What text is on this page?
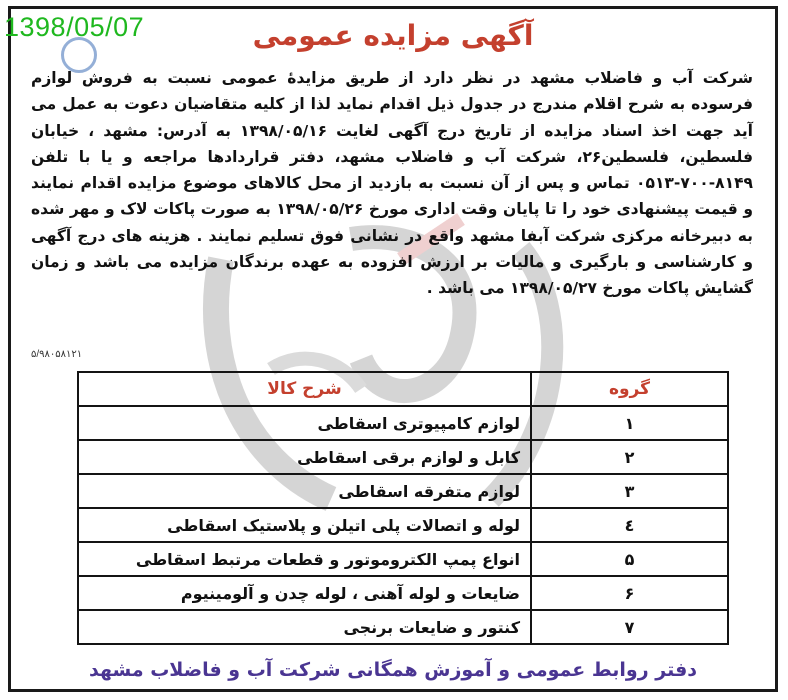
آگهی مزایده عمومی
شرکت آب و فاضلاب مشهد در نظر دارد از طریق مزایدهٔ عمومی نسبت به فروش لوازم فرسوده به شرح اقلام مندرج در جدول ذیل اقدام نماید لذا از کلیه متقاضیان دعوت به عمل می آید جهت اخذ اسناد مزایده از تاریخ درج آگهی لغایت ۱۳۹۸/۰۵/۱۶ به آدرس: مشهد ، خیابان فلسطین، فلسطین۲۶، شرکت آب و فاضلاب مشهد، دفتر قراردادها مراجعه و یا با تلفن ۸۱۴۹-۷۰۰-۰۵۱۳ تماس و پس از آن نسبت به بازدید از محل کالاهای موضوع مزایده اقدام نمایند و قیمت پیشنهادی خود را تا پایان وقت اداری مورخ ۱۳۹۸/۰۵/۲۶ به صورت پاکات لاک و مهر شده به دبیرخانه مرکزی شرکت آبفا مشهد واقع در نشانی فوق تسلیم نمایند . هزینه های درج آگهی و کارشناسی و بارگیری و مالیات بر ارزش افزوده به عهده برندگان مزایده می باشد و زمان گشایش پاکات مورخ ۱۳۹۸/۰۵/۲۷ می باشد .
۵/۹۸۰۵۸۱۲۱
گروه	شرح کالا
۱	لوازم کامپیوتری اسقاطی
۲	کابل و لوازم برقی اسقاطی
۳	لوازم متفرقه اسقاطی
٤	لوله و اتصالات پلی اتیلن و پلاستیک اسقاطی
۵	انواع پمپ الکتروموتور و قطعات مرتبط اسقاطی
۶	ضایعات و لوله آهنی ، لوله چدن و آلومینیوم
۷	کنتور و ضایعات برنجی
دفتر روابط عمومی و آموزش همگانی شرکت آب و فاضلاب مشهد
1398/05/07
